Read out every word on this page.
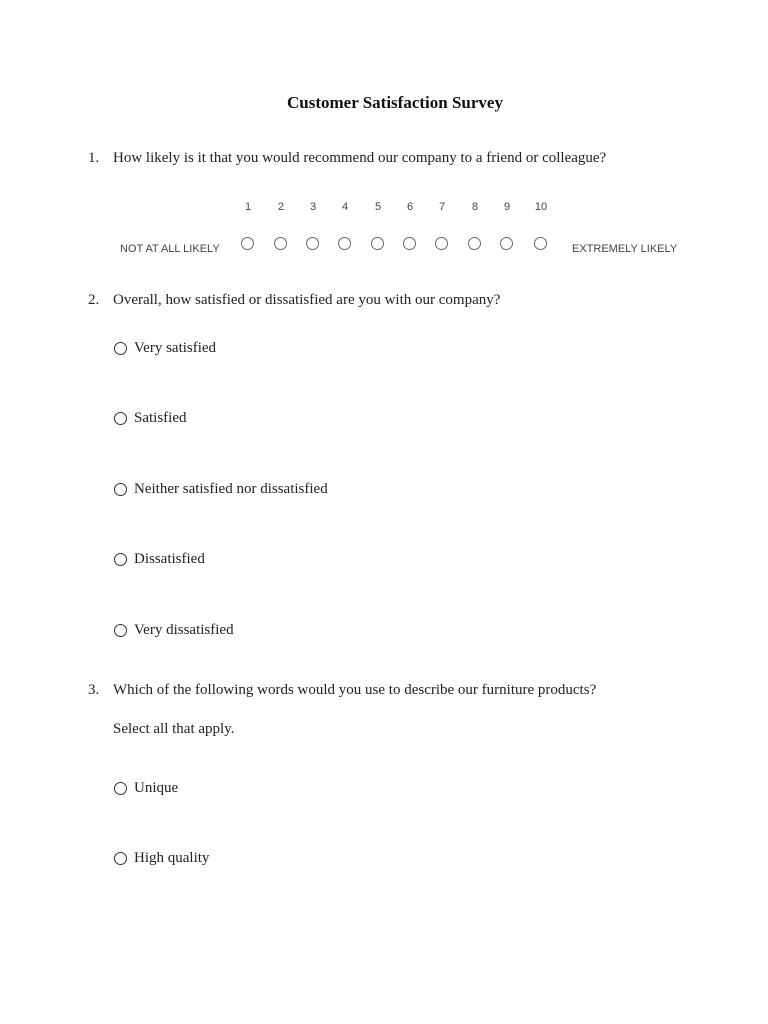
Customer Satisfaction Survey
1. How likely is it that you would recommend our company to a friend or colleague?
NOT AT ALL LIKELY
1	2	3	4	5	6	7	8	9	10
EXTREMELY LIKELY
2. Overall, how satisfied or dissatisfied are you with our company?
Very satisfied
Satisfied
Neither satisfied nor dissatisfied
Dissatisfied
Very dissatisfied
3. Which of the following words would you use to describe our furniture products?
Select all that apply.
Unique
High quality
